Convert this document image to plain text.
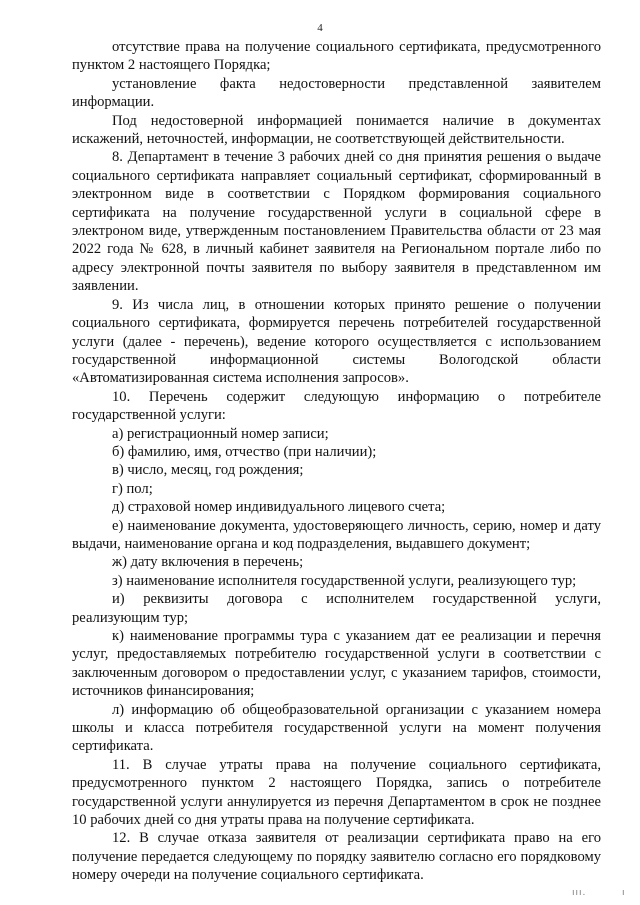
4

отсутствие права на получение социального сертификата, предусмотренного пунктом 2 настоящего Порядка;

установление факта недостоверности представленной заявителем информации.

Под недостоверной информацией понимается наличие в документах искажений, неточностей, информации, не соответствующей действительности.

8. Департамент в течение 3 рабочих дней со дня принятия решения о выдаче социального сертификата направляет социальный сертификат, сформированный в электронном виде в соответствии с Порядком формирования социального сертификата на получение государственной услуги в социальной сфере в электроном виде, утвержденным постановлением Правительства области от 23 мая 2022 года № 628, в личный кабинет заявителя на Региональном портале либо по адресу электронной почты заявителя по выбору заявителя в представленном им заявлении.

9. Из числа лиц, в отношении которых принято решение о получении социального сертификата, формируется перечень потребителей государственной услуги (далее - перечень), ведение которого осуществляется с использованием государственной информационной системы Вологодской области «Автоматизированная система исполнения запросов».

10. Перечень содержит следующую информацию о потребителе государственной услуги:

а) регистрационный номер записи;

б) фамилию, имя, отчество (при наличии);

в) число, месяц, год рождения;

г) пол;

д) страховой номер индивидуального лицевого счета;

е) наименование документа, удостоверяющего личность, серию, номер и дату выдачи, наименование органа и код подразделения, выдавшего документ;

ж) дату включения в перечень;

з) наименование исполнителя государственной услуги, реализующего тур;

и) реквизиты договора с исполнителем государственной услуги, реализующим тур;

к) наименование программы тура с указанием дат ее реализации и перечня услуг, предоставляемых потребителю государственной услуги в соответствии с заключенным договором о предоставлении услуг, с указанием тарифов, стоимости, источников финансирования;

л) информацию об общеобразовательной организации с указанием номера школы и класса потребителя государственной услуги на момент получения сертификата.

11. В случае утраты права на получение социального сертификата, предусмотренного пунктом 2 настоящего Порядка, запись о потребителе государственной услуги аннулируется из перечня Департаментом в срок не позднее 10 рабочих дней со дня утраты права на получение сертификата.

12. В случае отказа заявителя от реализации сертификата право на его получение передается следующему по порядку заявителю согласно его порядковому номеру очереди на получение социального сертификата.

ııı.	ı
